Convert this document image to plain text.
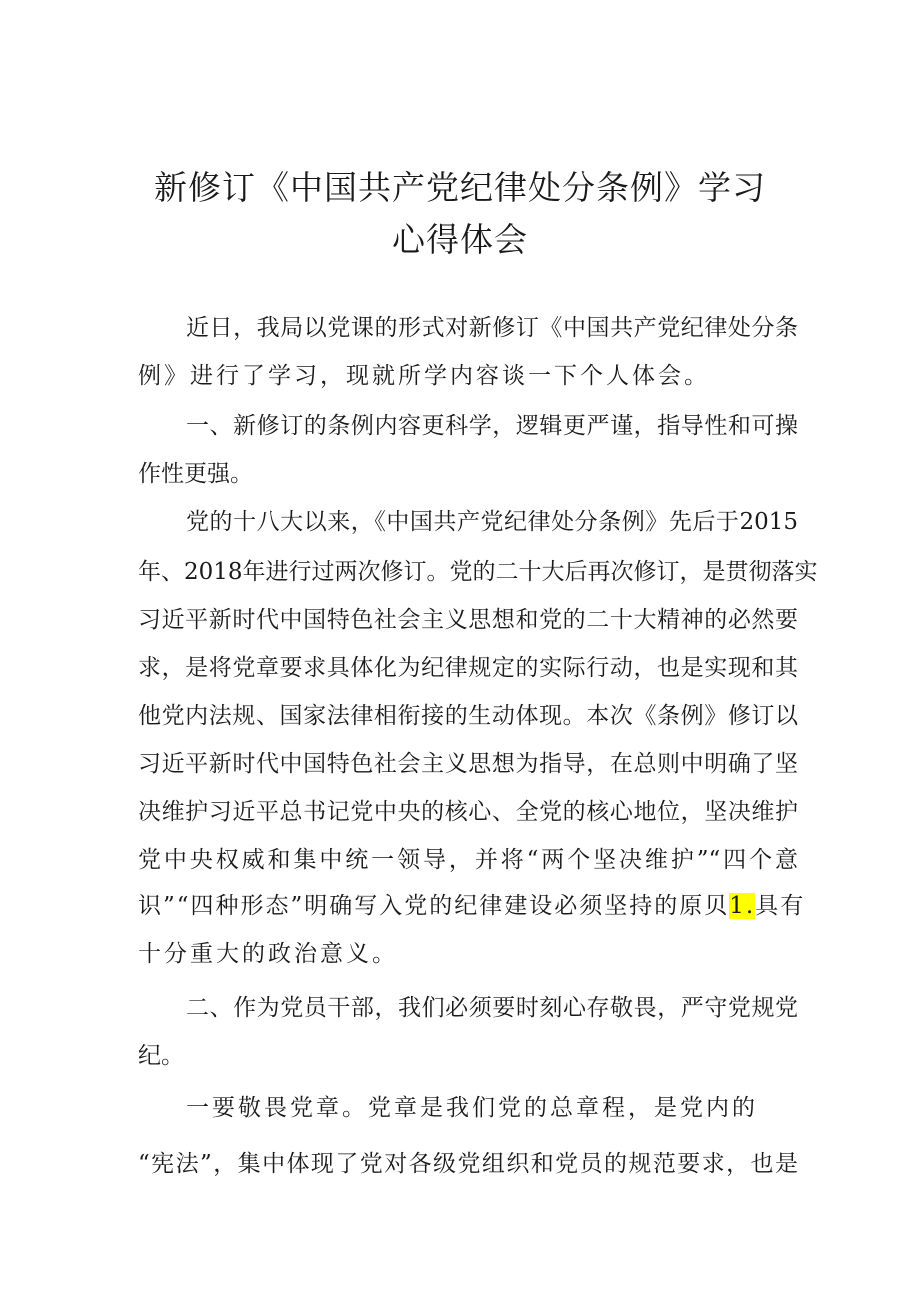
新修订《中国共产党纪律处分条例》学习
心得体会
近日，我局以党课的形式对新修订《中国共产党纪律处分条
例》进行了学习，现就所学内容谈一下个人体会。
一、新修订的条例内容更科学，逻辑更严谨，指导性和可操
作性更强。
党的十八大以来，《中国共产党纪律处分条例》先后于2015
年、2018年进行过两次修订。党的二十大后再次修订，是贯彻落实
习近平新时代中国特色社会主义思想和党的二十大精神的必然要
求，是将党章要求具体化为纪律规定的实际行动，也是实现和其
他党内法规、国家法律相衔接的生动体现。本次《条例》修订以
习近平新时代中国特色社会主义思想为指导，在总则中明确了坚
决维护习近平总书记党中央的核心、全党的核心地位，坚决维护
党中央权威和集中统一领导，并将“两个坚决维护”“四个意
识”“四种形态”明确写入党的纪律建设必须坚持的原贝1.具有
十分重大的政治意义。
二、作为党员干部，我们必须要时刻心存敬畏，严守党规党
纪。
一要敬畏党章。党章是我们党的总章程，是党内的
“宪法”，集中体现了党对各级党组织和党员的规范要求，也是
